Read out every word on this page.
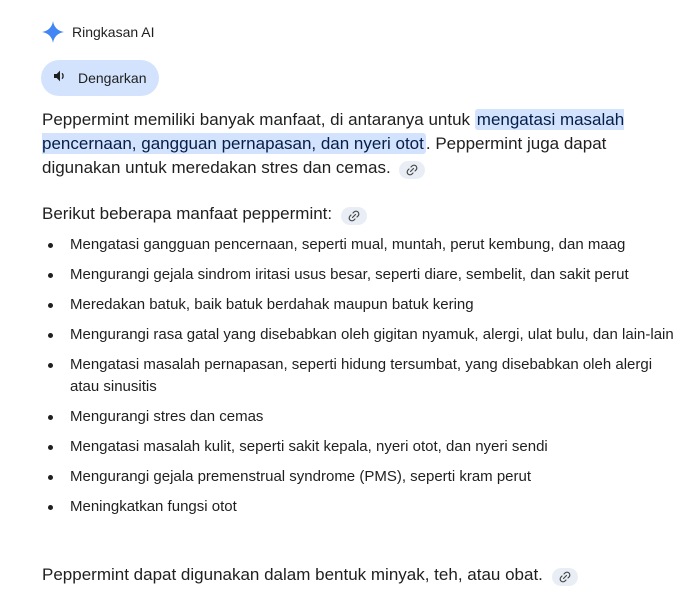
Ringkasan AI
Dengarkan

Peppermint memiliki banyak manfaat, di antaranya untuk mengatasi masalah pencernaan, gangguan pernapasan, dan nyeri otot . Peppermint juga dapat digunakan untuk meredakan stres dan cemas.

Berikut beberapa manfaat peppermint:

Mengatasi gangguan pencernaan, seperti mual, muntah, perut kembung, dan maag
Mengurangi gejala sindrom iritasi usus besar, seperti diare, sembelit, dan sakit perut
Meredakan batuk, baik batuk berdahak maupun batuk kering
Mengurangi rasa gatal yang disebabkan oleh gigitan nyamuk, alergi, ulat bulu, dan lain-lain
Mengatasi masalah pernapasan, seperti hidung tersumbat, yang disebabkan oleh alergi atau sinusitis
Mengurangi stres dan cemas
Mengatasi masalah kulit, seperti sakit kepala, nyeri otot, dan nyeri sendi
Mengurangi gejala premenstrual syndrome (PMS), seperti kram perut
Meningkatkan fungsi otot

Peppermint dapat digunakan dalam bentuk minyak, teh, atau obat.
